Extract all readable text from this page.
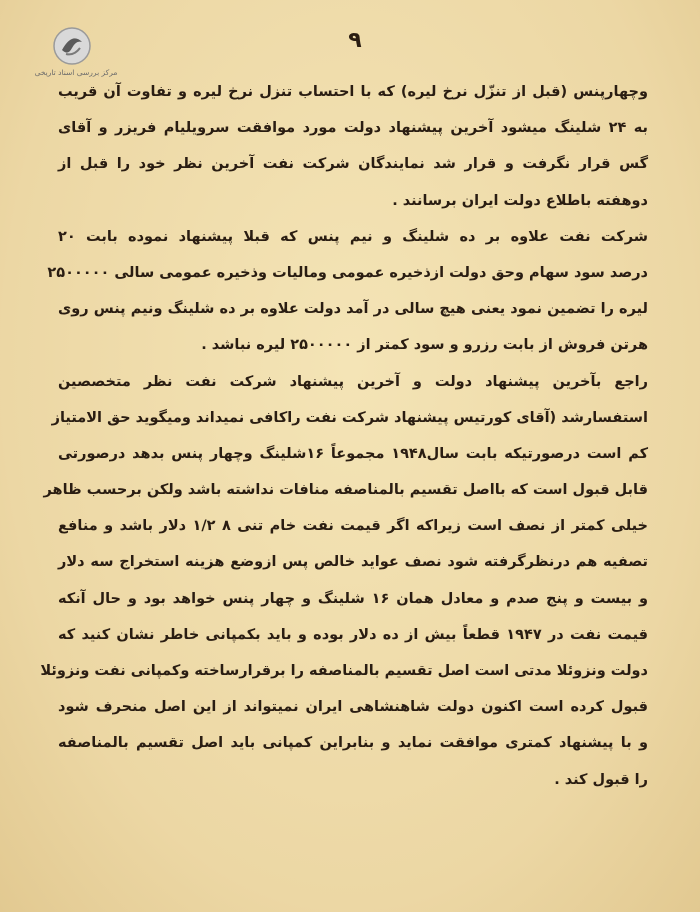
مرکز بررسی اسناد تاریخی
۹
وچهارپنس (قبل از تنزّل نرخ لیره) که با احتساب تنزل نرخ لیره و تفاوت آن قریب
به ۲۴ شلینگ میشود آخرین پیشنهاد دولت مورد موافقت سرویلیام فریزر و آقای
گس قرار نگرفت و قرار شد نمایندگان شرکت نفت آخرین نظر خود را قبل از
دوهفته باطلاع دولت ایران برسانند .
شرکت نفت علاوه بر ده شلینگ و نیم پنس که قبلا پیشنهاد نموده بابت ۲۰
درصد سود سهام وحق دولت ازذخیره عمومی ومالیات وذخیره عمومی سالی ۲۵۰۰۰۰۰
لیره را تضمین نمود یعنی هیچ سالی در آمد دولت علاوه بر ده شلینگ ونیم پنس روی
هرتن فروش از بابت رزرو و سود کمتر از ۲۵۰۰۰۰۰ لیره نباشد .
راجع بآخرین پیشنهاد دولت و آخرین پیشنهاد شرکت نفت نظر متخصصین
استفسارشد (آقای کورتیس پیشنهاد شرکت نفت راکافی نمیداند ومیگوید حق الامتیاز
کم است درصورتیکه بابت سال۱۹۴۸ مجموعاً ۱۶شلینگ وچهار پنس بدهد درصورتی
قابل قبول است که بااصل تقسیم بالمناصفه منافات نداشته باشد ولکن برحسب ظاهر
خیلی کمتر از نصف است زیراکه اگر قیمت نفت خام تنی ۸ ۱/۲ دلار باشد و منافع
تصفیه هم درنظرگرفته شود نصف عواید خالص پس ازوضع هزینه استخراج سه دلار
و بیست و پنج صدم و معادل همان ۱۶ شلینگ و چهار پنس خواهد بود و حال آنکه
قیمت نفت در ۱۹۴۷ قطعاً بیش از ده دلار بوده و باید بکمپانی خاطر نشان کنید که
دولت ونزوئلا مدتی است اصل تقسیم بالمناصفه را برقرارساخته وکمپانی نفت ونزوئلا
قبول کرده است اکنون دولت شاهنشاهی ایران نمیتواند از این اصل منحرف شود
و با پیشنهاد کمتری موافقت نماید و بنابراین کمپانی باید اصل تقسیم بالمناصفه
را قبول کند .
